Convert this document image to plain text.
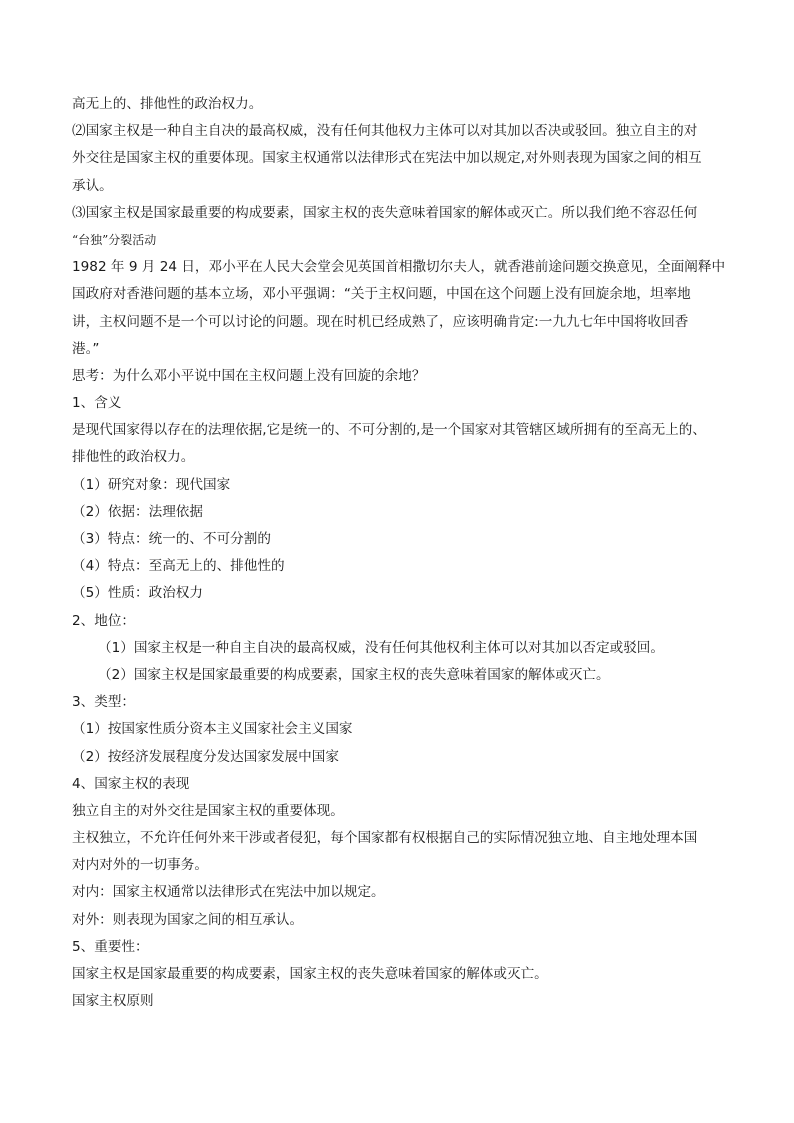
高无上的、排他性的政治权力。
⑵国家主权是一种自主自决的最高权威，没有任何其他权力主体可以对其加以否决或驳回。独立自主的对
外交往是国家主权的重要体现。国家主权通常以法律形式在宪法中加以规定,对外则表现为国家之间的相互
承认。
⑶国家主权是国家最重要的构成要素，国家主权的丧失意味着国家的解体或灭亡。所以我们绝不容忍任何
“台独”分裂活动
1982 年 9 月 24 日，邓小平在人民大会堂会见英国首相撒切尔夫人，就香港前途问题交换意见，全面阐释中
国政府对香港问题的基本立场，邓小平强调：“关于主权问题，中国在这个问题上没有回旋余地，坦率地
讲，主权问题不是一个可以讨论的问题。现在时机已经成熟了，应该明确肯定:一九九七年中国将收回香
港。”
思考：为什么邓小平说中国在主权问题上没有回旋的余地？
1、含义
是现代国家得以存在的法理依据,它是统一的、不可分割的,是一个国家对其管辖区域所拥有的至高无上的、
排他性的政治权力。
（1）研究对象：现代国家
（2）依据：法理依据
（3）特点：统一的、不可分割的
（4）特点：至高无上的、排他性的
（5）性质：政治权力
2、地位：
（1）国家主权是一种自主自决的最高权威，没有任何其他权利主体可以对其加以否定或驳回。
（2）国家主权是国家最重要的构成要素，国家主权的丧失意味着国家的解体或灭亡。
3、类型：
（1）按国家性质分资本主义国家社会主义国家
（2）按经济发展程度分发达国家发展中国家
4、国家主权的表现
独立自主的对外交往是国家主权的重要体现。
主权独立，不允许任何外来干涉或者侵犯，每个国家都有权根据自己的实际情况独立地、自主地处理本国
对内对外的一切事务。
对内：国家主权通常以法律形式在宪法中加以规定。
对外：则表现为国家之间的相互承认。
5、重要性：
国家主权是国家最重要的构成要素，国家主权的丧失意味着国家的解体或灭亡。
国家主权原则
